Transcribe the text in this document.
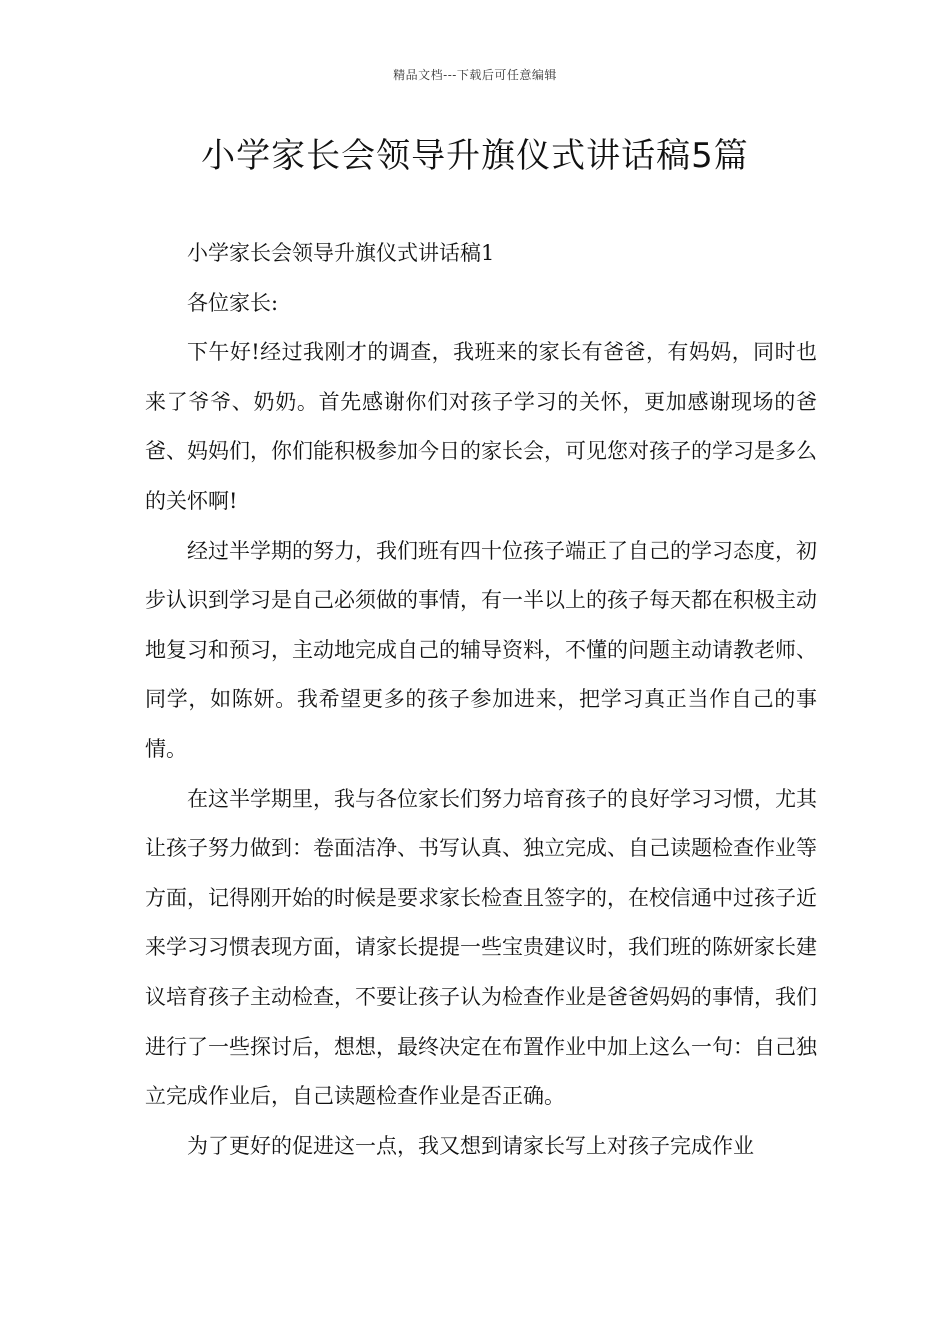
精品文档---下载后可任意编辑
小学家长会领导升旗仪式讲话稿5篇

小学家长会领导升旗仪式讲话稿1

各位家长:

下午好!经过我刚才的调查，我班来的家长有爸爸，有妈妈，同时也来了爷爷、奶奶。首先感谢你们对孩子学习的关怀，更加感谢现场的爸爸、妈妈们，你们能积极参加今日的家长会，可见您对孩子的学习是多么的关怀啊!

经过半学期的努力，我们班有四十位孩子端正了自己的学习态度，初步认识到学习是自己必须做的事情，有一半以上的孩子每天都在积极主动地复习和预习，主动地完成自己的辅导资料，不懂的问题主动请教老师、同学，如陈妍。我希望更多的孩子参加进来，把学习真正当作自己的事情。

在这半学期里，我与各位家长们努力培育孩子的良好学习习惯，尤其让孩子努力做到：卷面洁净、书写认真、独立完成、自己读题检查作业等方面，记得刚开始的时候是要求家长检查且签字的，在校信通中过孩子近来学习习惯表现方面，请家长提提一些宝贵建议时，我们班的陈妍家长建议培育孩子主动检查，不要让孩子认为检查作业是爸爸妈妈的事情，我们进行了一些探讨后，想想，最终决定在布置作业中加上这么一句：自己独立完成作业后，自己读题检查作业是否正确。

为了更好的促进这一点，我又想到请家长写上对孩子完成作业
